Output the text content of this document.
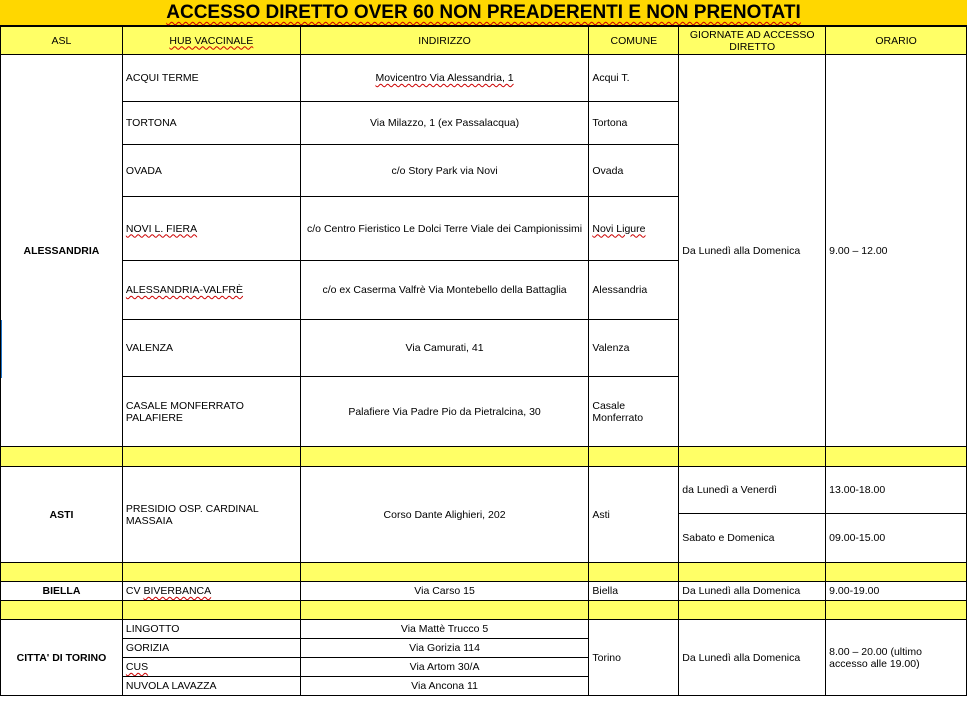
ACCESSO DIRETTO OVER 60 NON PREADERENTI E NON PRENOTATI
ASL	HUB VACCINALE	INDIRIZZO	COMUNE	GIORNATE AD ACCESSO DIRETTO	ORARIO
ALESSANDRIA	ACQUI TERME	Movicentro Via Alessandria, 1	Acqui T.	Da Lunedì alla Domenica	9.00 – 12.00
	TORTONA	Via Milazzo, 1 (ex Passalacqua)	Tortona		
	OVADA	c/o Story Park via Novi	Ovada		
	NOVI L. FIERA	c/o Centro Fieristico Le Dolci Terre Viale dei Campionissimi	Novi Ligure		
	ALESSANDRIA-VALFRÈ	c/o ex Caserma Valfrè Via Montebello della Battaglia	Alessandria		
	VALENZA	Via Camurati, 41	Valenza		
	CASALE MONFERRATO PALAFIERE	Palafiere Via Padre Pio da Pietralcina, 30	Casale Monferrato		

ASTI	PRESIDIO OSP. CARDINAL MASSAIA	Corso Dante Alighieri, 202	Asti	da Lunedì a Venerdì	13.00-18.00
				Sabato e Domenica	09.00-15.00

BIELLA	CV BIVERBANCA	Via Carso 15	Biella	Da Lunedì alla Domenica	9.00-19.00

CITTA' DI TORINO	LINGOTTO	Via Mattè Trucco 5	Torino	Da Lunedì alla Domenica	8.00 – 20.00 (ultimo accesso alle 19.00)
	GORIZIA	Via Gorizia 114			
	CUS	Via Artom 30/A			
	NUVOLA LAVAZZA	Via Ancona 11			
